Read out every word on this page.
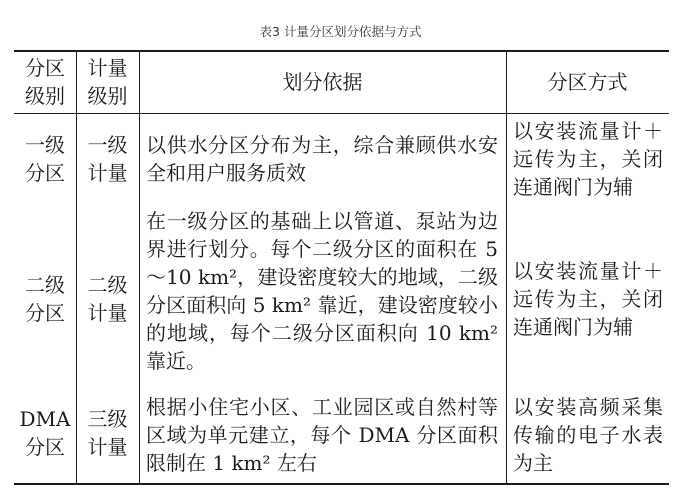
表3 计量分区划分依据与方式
分区
级别
计量
级别
划分依据	分区方式
一级
分区
一级
计量
以供水分区分布为主，综合兼顾供水安全和用户服务质效
以安装流量计＋远传为主，关闭连通阀门为辅
二级
分区
二级
计量
在一级分区的基础上以管道、泵站为边界进行划分。每个二级分区的面积在 5～10 km²，建设密度较大的地域，二级分区面积向 5 km² 靠近，建设密度较小的地域，每个二级分区面积向 10 km² 靠近。
以安装流量计＋远传为主，关闭连通阀门为辅
DMA
分区
三级
计量
根据小住宅小区、工业园区或自然村等区域为单元建立，每个 DMA 分区面积限制在 1 km² 左右
以安装高频采集传输的电子水表为主
